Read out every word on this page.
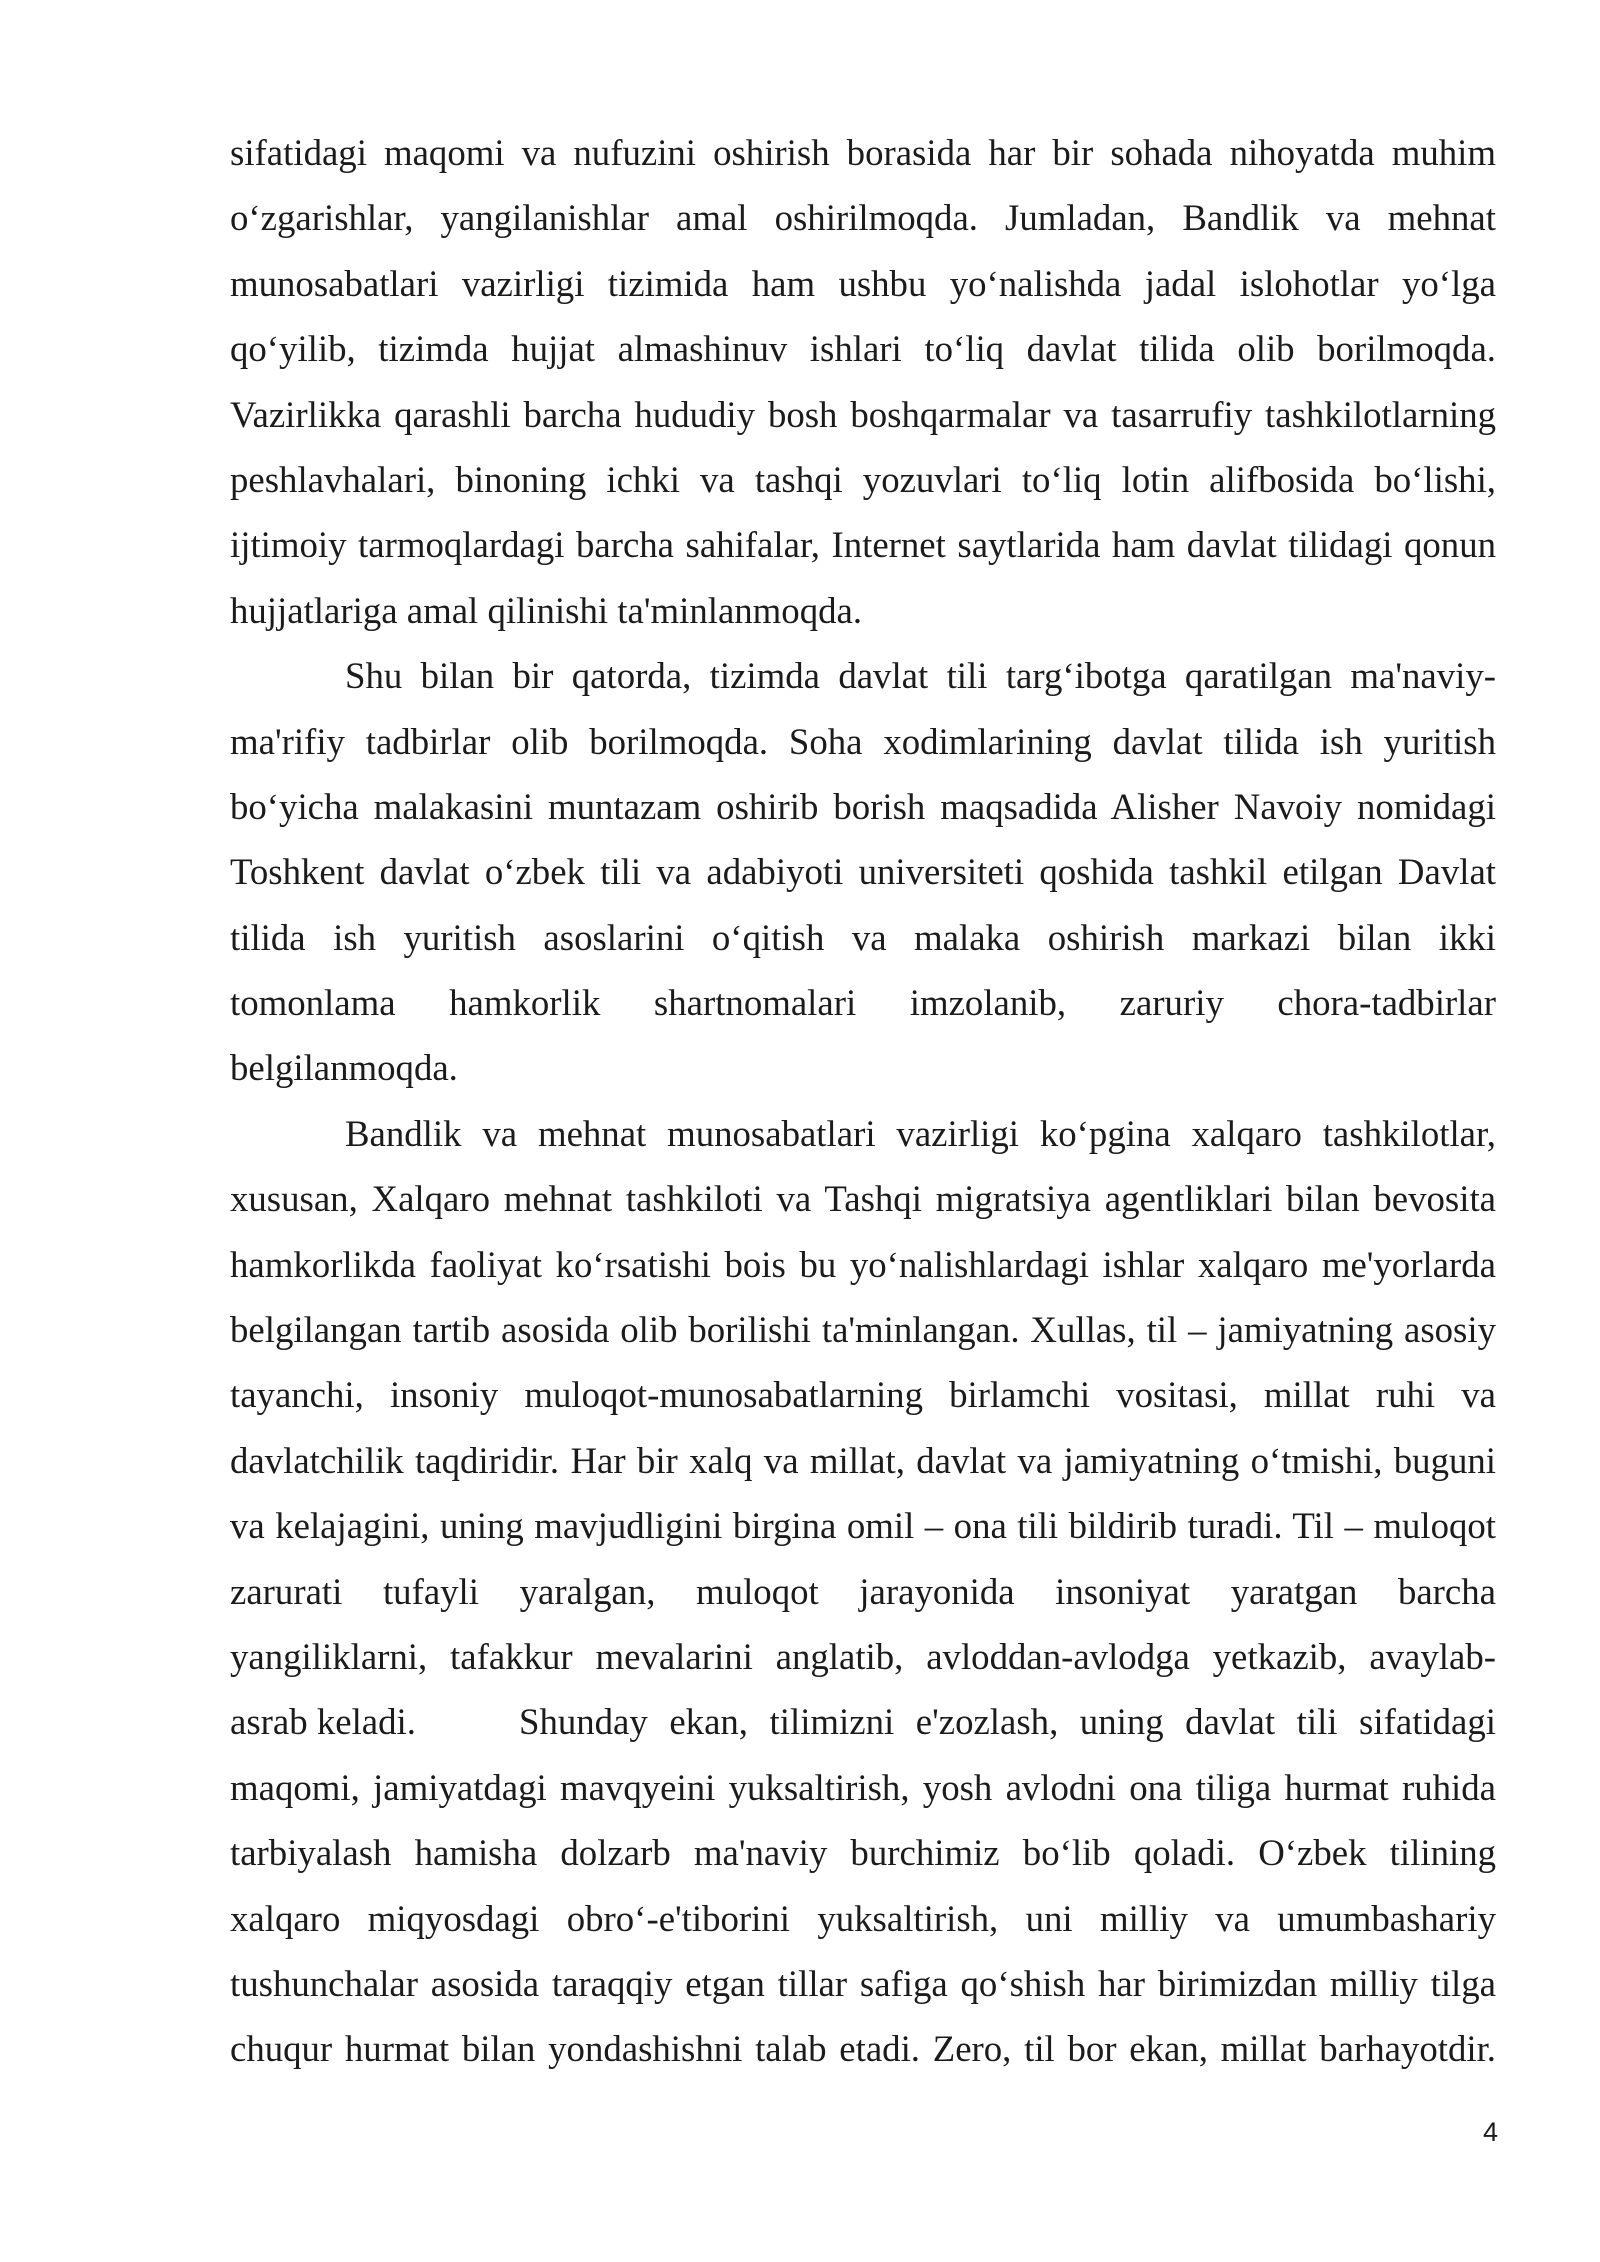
sifatidagi maqomi va nufuzini oshirish borasida har bir sohada nihoyatda muhim
o‘zgarishlar, yangilanishlar amal oshirilmoqda. Jumladan, Bandlik va mehnat
munosabatlari vazirligi tizimida ham ushbu yo‘nalishda jadal islohotlar yo‘lga
qo‘yilib, tizimda hujjat almashinuv ishlari to‘liq davlat tilida olib borilmoqda.
Vazirlikka qarashli barcha hududiy bosh boshqarmalar va tasarrufiy tashkilotlarning
peshlavhalari, binoning ichki va tashqi yozuvlari to‘liq lotin alifbosida bo‘lishi,
ijtimoiy tarmoqlardagi barcha sahifalar, Internet saytlarida ham davlat tilidagi qonun
hujjatlariga amal qilinishi ta'minlanmoqda.
Shu bilan bir qatorda, tizimda davlat tili targ‘ibotga qaratilgan ma'naviy-
ma'rifiy tadbirlar olib borilmoqda. Soha xodimlarining davlat tilida ish yuritish
bo‘yicha malakasini muntazam oshirib borish maqsadida Alisher Navoiy nomidagi
Toshkent davlat o‘zbek tili va adabiyoti universiteti qoshida tashkil etilgan Davlat
tilida ish yuritish asoslarini o‘qitish va malaka oshirish markazi bilan ikki
tomonlama hamkorlik shartnomalari imzolanib, zaruriy chora-tadbirlar
belgilanmoqda.
Bandlik va mehnat munosabatlari vazirligi ko‘pgina xalqaro tashkilotlar,
xususan, Xalqaro mehnat tashkiloti va Tashqi migratsiya agentliklari bilan bevosita
hamkorlikda faoliyat ko‘rsatishi bois bu yo‘nalishlardagi ishlar xalqaro me'yorlarda
belgilangan tartib asosida olib borilishi ta'minlangan. Xullas, til – jamiyatning asosiy
tayanchi, insoniy muloqot-munosabatlarning birlamchi vositasi, millat ruhi va
davlatchilik taqdiridir. Har bir xalq va millat, davlat va jamiyatning o‘tmishi, buguni
va kelajagini, uning mavjudligini birgina omil – ona tili bildirib turadi. Til – muloqot
zarurati tufayli yaralgan, muloqot jarayonida insoniyat yaratgan barcha
yangiliklarni, tafakkur mevalarini anglatib, avloddan-avlodga yetkazib, avaylab-
asrab keladi.	Shunday ekan, tilimizni e'zozlash, uning davlat tili sifatidagi
maqomi, jamiyatdagi mavqyeini yuksaltirish, yosh avlodni ona tiliga hurmat ruhida
tarbiyalash hamisha dolzarb ma'naviy burchimiz bo‘lib qoladi. O‘zbek tilining
xalqaro miqyosdagi obro‘-e'tiborini yuksaltirish, uni milliy va umumbashariy
tushunchalar asosida taraqqiy etgan tillar safiga qo‘shish har birimizdan milliy tilga
chuqur hurmat bilan yondashishni talab etadi. Zero, til bor ekan, millat barhayotdir.
4
